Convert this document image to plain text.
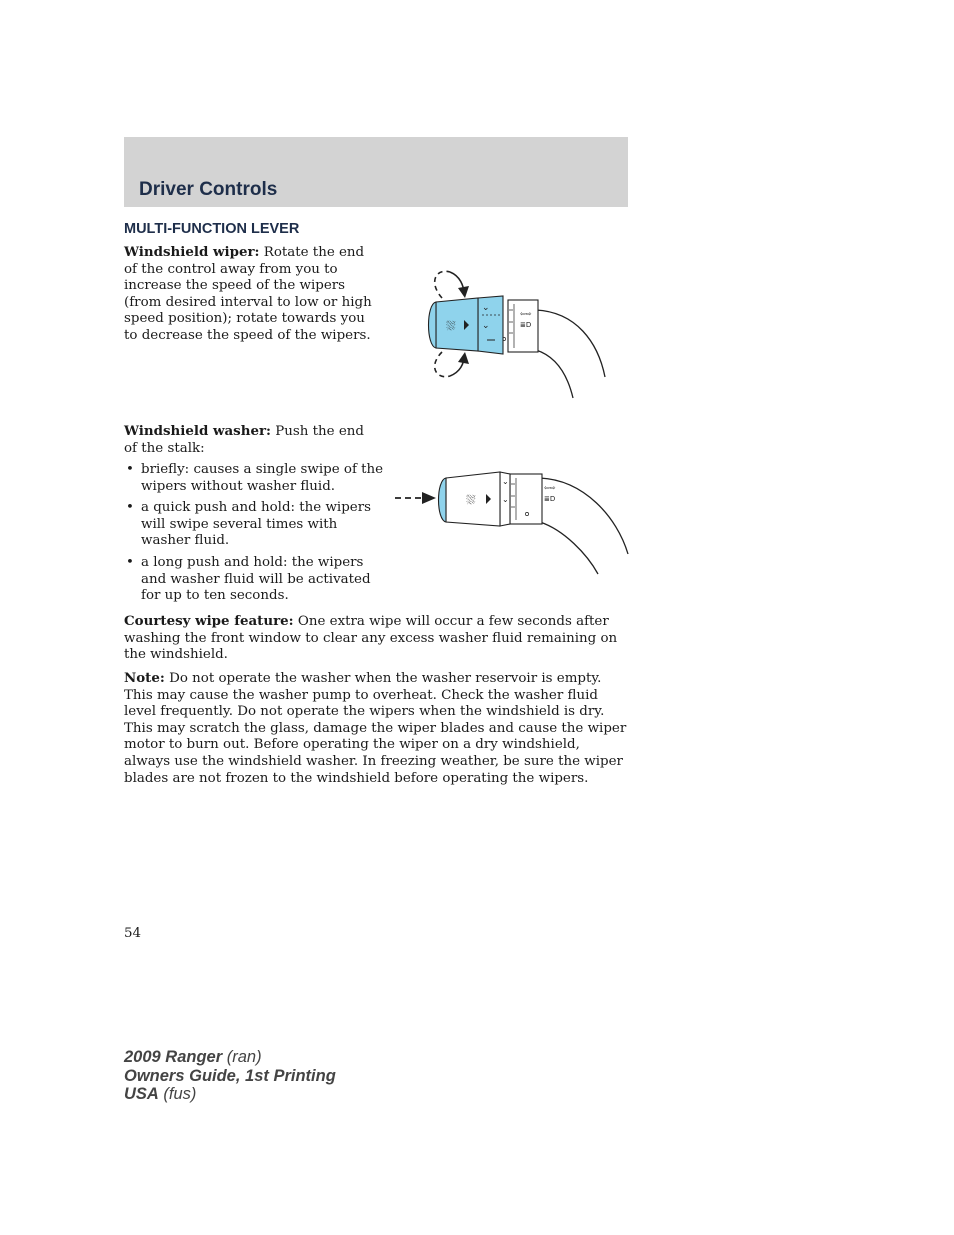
Driver Controls
MULTI-FUNCTION LEVER

Windshield wiper: Rotate the end of the control away from you to increase the speed of the wipers (from desired interval to low or high speed position); rotate towards you to decrease the speed of the wipers.

⇦⇨
≣D
⛆
⌄
⌄

Windshield washer: Push the end of the stalk:

• briefly: causes a single swipe of the wipers without washer fluid.
• a quick push and hold: the wipers will swipe several times with washer fluid.
• a long push and hold: the wipers and washer fluid will be activated for up to ten seconds.
⇦⇨
≣D
⛆
⌄
⌄

Courtesy wipe feature: One extra wipe will occur a few seconds after washing the front window to clear any excess washer fluid remaining on the windshield.

Note: Do not operate the washer when the washer reservoir is empty. This may cause the washer pump to overheat. Check the washer fluid level frequently. Do not operate the wipers when the windshield is dry. This may scratch the glass, damage the wiper blades and cause the wiper motor to burn out. Before operating the wiper on a dry windshield, always use the windshield washer. In freezing weather, be sure the wiper blades are not frozen to the windshield before operating the wipers.

54
2009 Ranger (ran)
Owners Guide, 1st Printing
USA (fus)
